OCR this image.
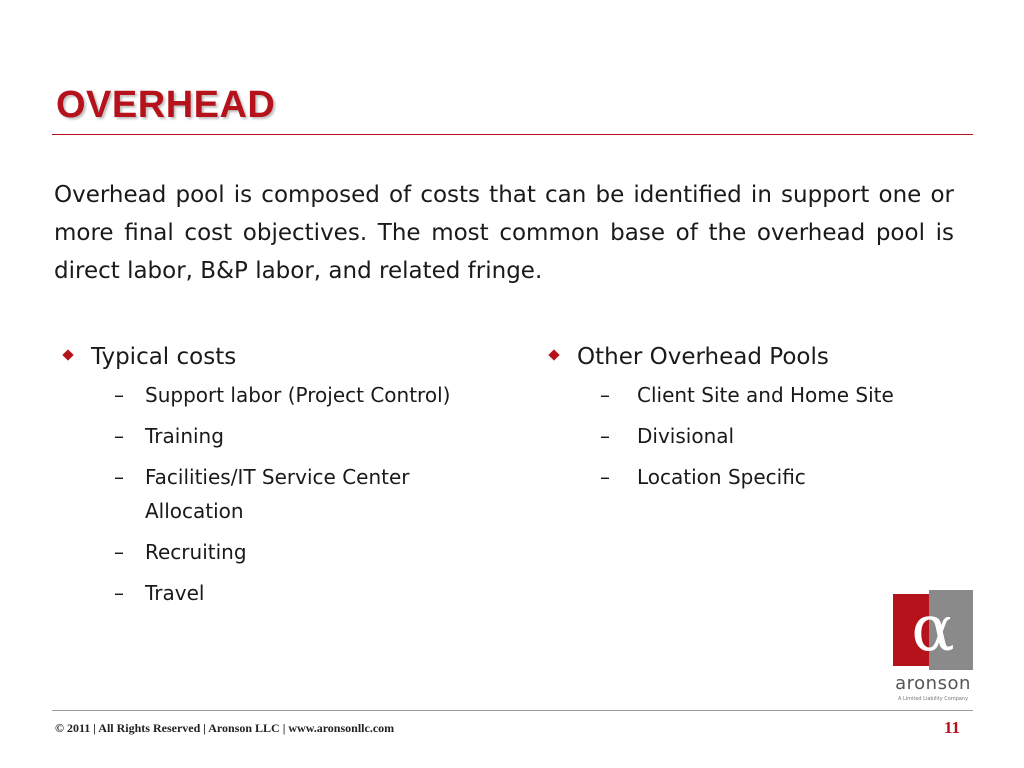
OVERHEAD

Overhead pool is composed of costs that can be identified in support one or more final cost objectives. The most common base of the overhead pool is direct labor, B&P labor, and related fringe.

Typical costs
–	Support labor (Project Control)
–	Training
–	Facilities/IT Service Center Allocation
–	Recruiting
–	Travel
Other Overhead Pools
–	Client Site and Home Site
–	Divisional
–	Location Specific
α
aronson
A Limited Liability Company

© 2011 | All Rights Reserved | Aronson LLC | www.aronsonllc.com	11
